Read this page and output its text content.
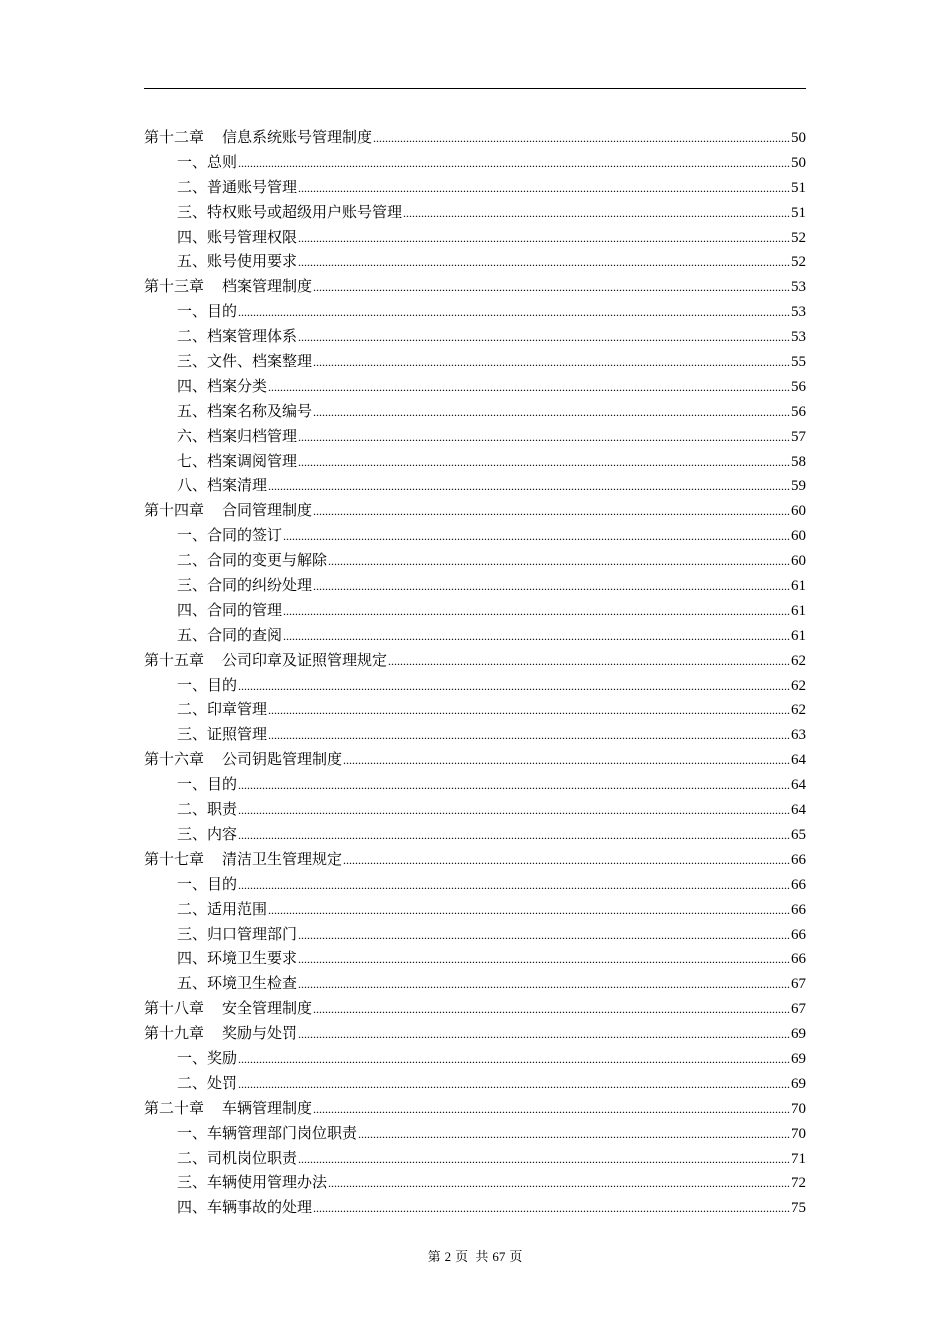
第十二章 信息系统账号管理制度 .....	50
一、总则 .....	50
二、普通账号管理 .....	51
三、特权账号或超级用户账号管理 .....	51
四、账号管理权限 .....	52
五、账号使用要求 .....	52
第十三章 档案管理制度 .....	53
一、目的 .....	53
二、档案管理体系 .....	53
三、文件、档案整理 .....	55
四、档案分类 .....	56
五、档案名称及编号 .....	56
六、档案归档管理 .....	57
七、档案调阅管理 .....	58
八、档案清理 .....	59
第十四章 合同管理制度 .....	60
一、合同的签订 .....	60
二、合同的变更与解除 .....	60
三、合同的纠纷处理 .....	61
四、合同的管理 .....	61
五、合同的查阅 .....	61
第十五章 公司印章及证照管理规定 .....	62
一、目的 .....	62
二、印章管理 .....	62
三、证照管理 .....	63
第十六章 公司钥匙管理制度 .....	64
一、目的 .....	64
二、职责 .....	64
三、内容 .....	65
第十七章 清洁卫生管理规定 .....	66
一、目的 .....	66
二、适用范围 .....	66
三、归口管理部门 .....	66
四、环境卫生要求 .....	66
五、环境卫生检查 .....	67
第十八章 安全管理制度 .....	67
第十九章 奖励与处罚 .....	69
一、奖励 .....	69
二、处罚 .....	69
第二十章 车辆管理制度 .....	70
一、车辆管理部门岗位职责 .....	70
二、司机岗位职责 .....	71
三、车辆使用管理办法 .....	72
四、车辆事故的处理 .....	75
第 2 页 共 67 页
